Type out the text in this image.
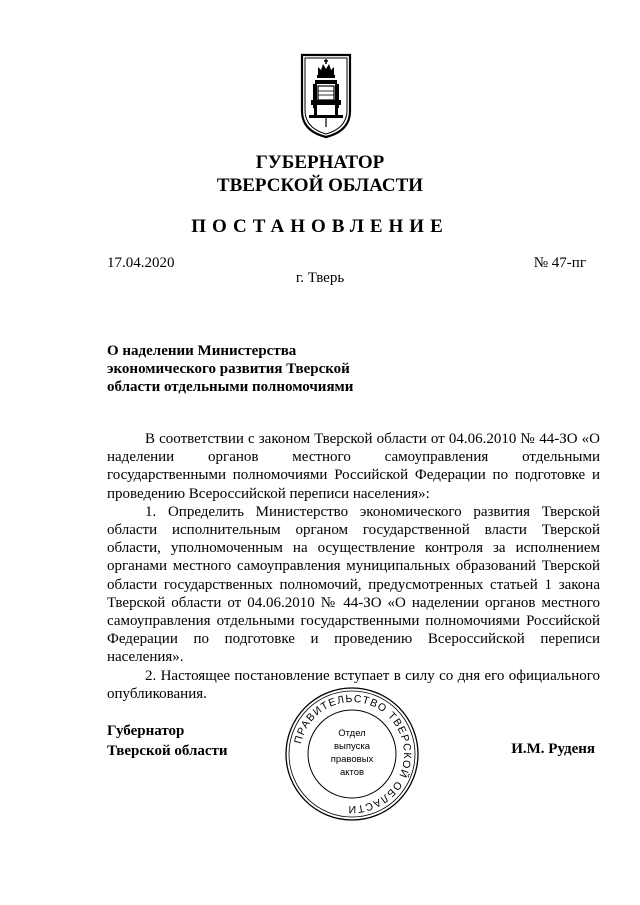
ГУБЕРНАТОР
ТВЕРСКОЙ ОБЛАСТИ
ПОСТАНОВЛЕНИЕ
17.04.2020	№ 47-пг
г. Тверь
О наделении Министерства
экономического развития Тверской
области отдельными полномочиями

В соответствии с законом Тверской области от 04.06.2010 № 44-ЗО «О наделении органов местного самоуправления отдельными государственными полномочиями Российской Федерации по подготовке и проведению Всероссийской переписи населения»:

1. Определить Министерство экономического развития Тверской области исполнительным органом государственной власти Тверской области, уполномоченным на осуществление контроля за исполнением органами местного самоуправления муниципальных образований Тверской области государственных полномочий, предусмотренных статьей 1 закона Тверской области от 04.06.2010 № 44-ЗО «О наделении органов местного самоуправления отдельными государственными полномочиями Российской Федерации по подготовке и проведению Всероссийской переписи населения».

2. Настоящее постановление вступает в силу со дня его официального опубликования.

Губернатор
Тверской области	И.М. Руденя
ПРАВИТЕЛЬСТВО ТВЕРСКОЙ ОБЛАСТИ
Отдел
выпуска
правовых
актов
